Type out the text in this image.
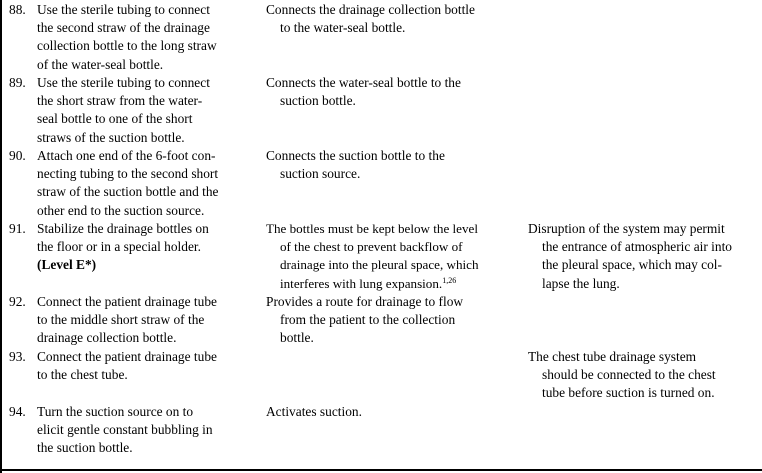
88. Use the sterile tubing to connect
the second straw of the drainage
collection bottle to the long straw
of the water-seal bottle.
Connects the drainage collection bottle
to the water-seal bottle.
89. Use the sterile tubing to connect
the short straw from the water-
seal bottle to one of the short
straws of the suction bottle.
Connects the water-seal bottle to the
suction bottle.
90. Attach one end of the 6-foot con-
necting tubing to the second short
straw of the suction bottle and the
other end to the suction source.
Connects the suction bottle to the
suction source.
91. Stabilize the drainage bottles on
the floor or in a special holder.
(Level E*)
The bottles must be kept below the level
of the chest to prevent backflow of
drainage into the pleural space, which
interferes with lung expansion.$^{1,26}$
Disruption of the system may permit
the entrance of atmospheric air into
the pleural space, which may col-
lapse the lung.
92. Connect the patient drainage tube
to the middle short straw of the
drainage collection bottle.
Provides a route for drainage to flow
from the patient to the collection
bottle.
93. Connect the patient drainage tube
to the chest tube.
The chest tube drainage system
should be connected to the chest
tube before suction is turned on.
94. Turn the suction source on to
elicit gentle constant bubbling in
the suction bottle.
Activates suction.
